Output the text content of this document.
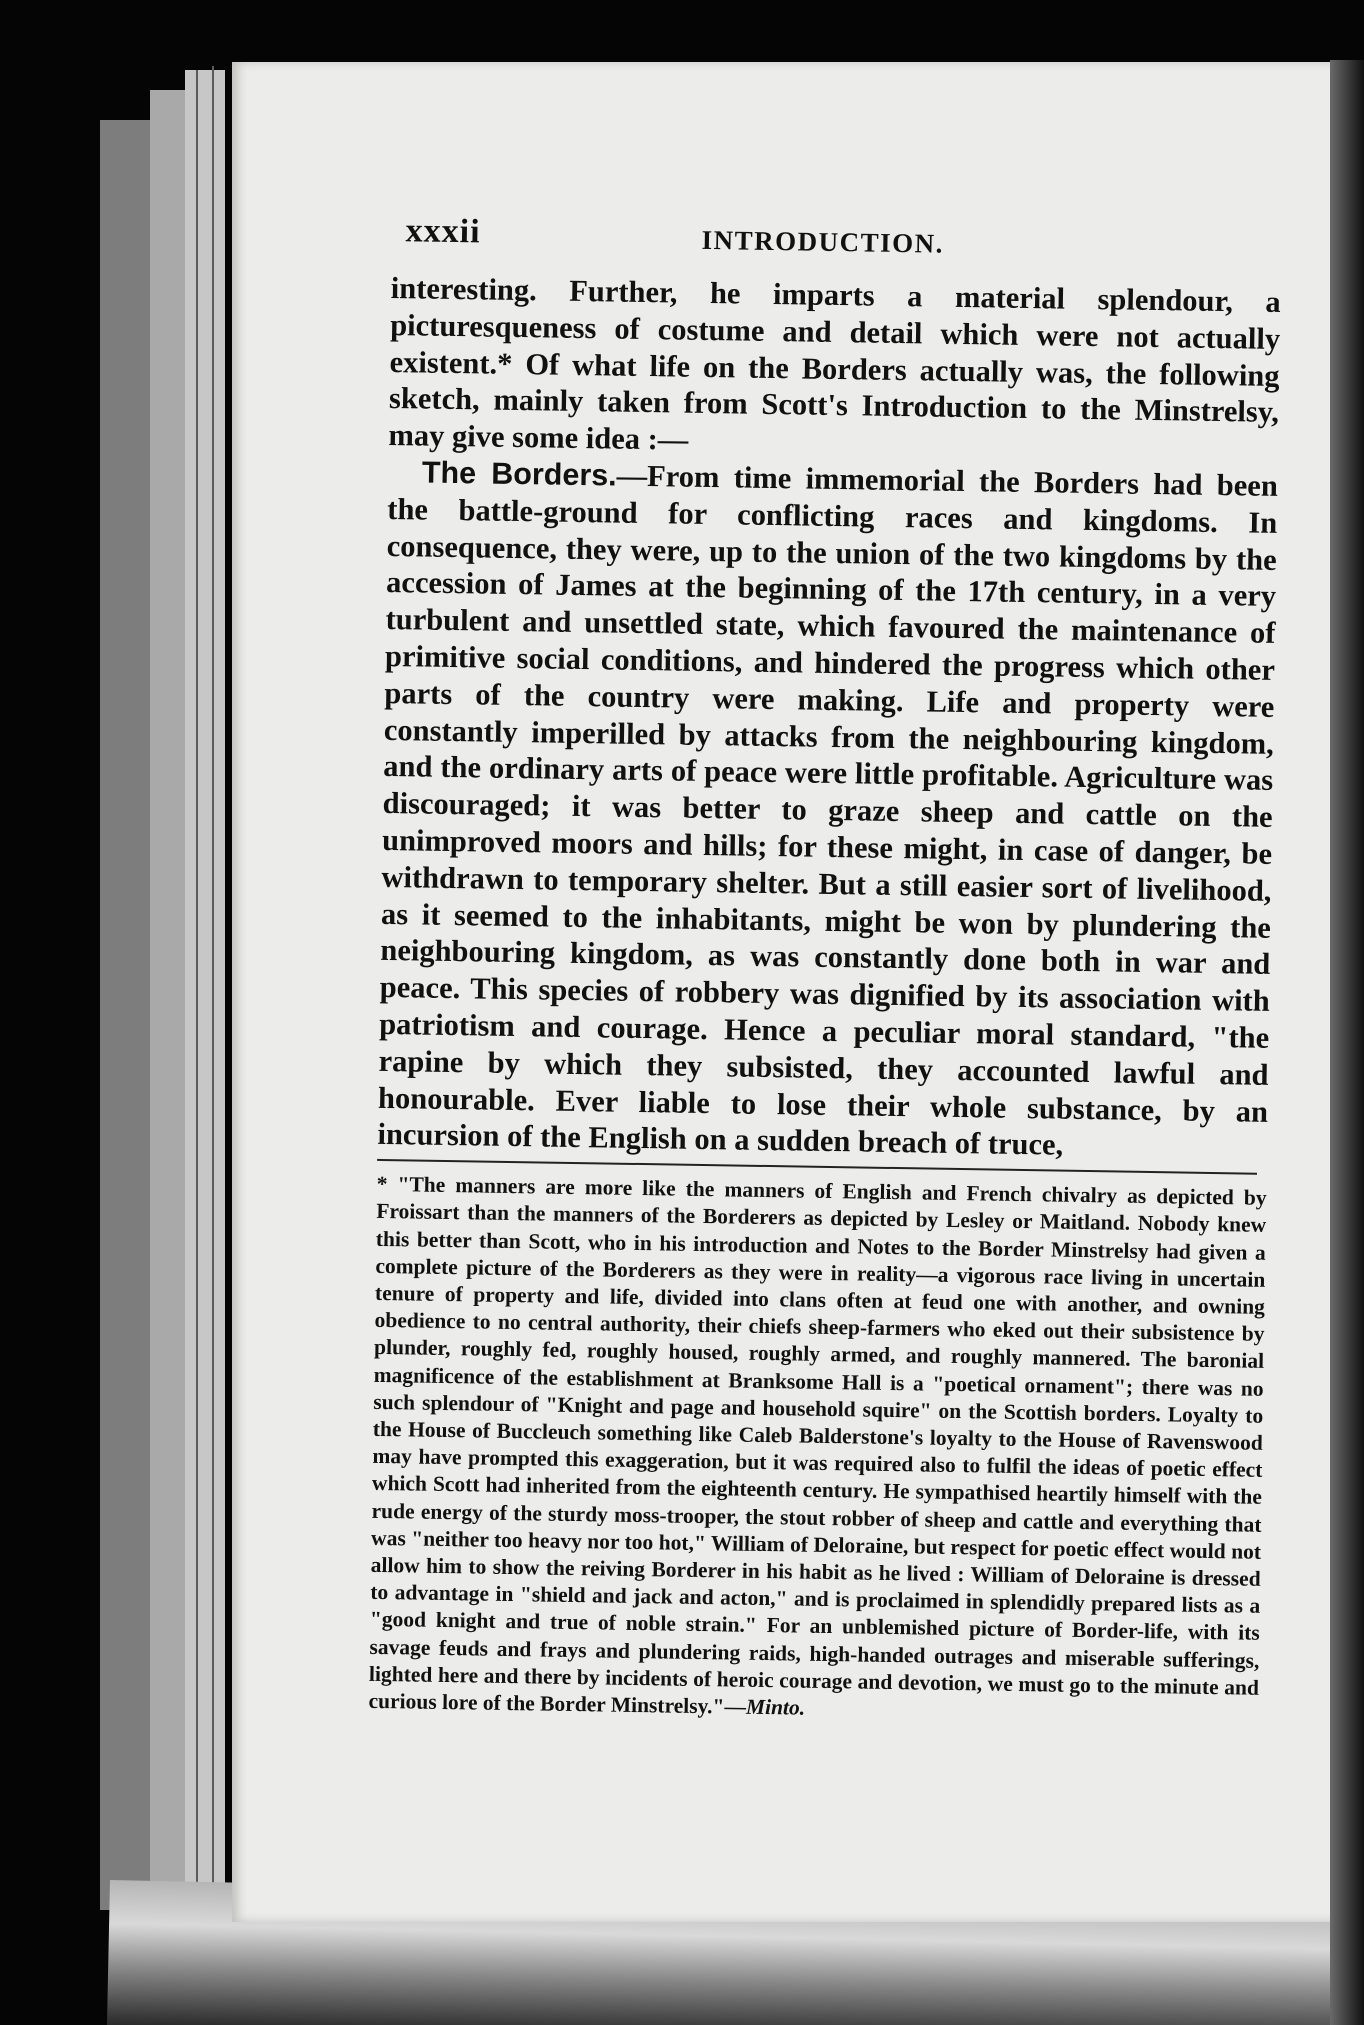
xxxii	INTRODUCTION.

interesting. Further, he imparts a material splendour, a picturesqueness of costume and detail which were not actually existent.* Of what life on the Borders actually was, the following sketch, mainly taken from Scott's Introduction to the Minstrelsy, may give some idea :—

The Borders.—From time immemorial the Borders had been the battle-ground for conflicting races and kingdoms. In consequence, they were, up to the union of the two kingdoms by the accession of James at the beginning of the 17th century, in a very turbulent and unsettled state, which favoured the maintenance of primitive social conditions, and hindered the progress which other parts of the country were making. Life and property were constantly imperilled by attacks from the neighbouring kingdom, and the ordinary arts of peace were little profitable. Agriculture was discouraged; it was better to graze sheep and cattle on the unimproved moors and hills; for these might, in case of danger, be withdrawn to temporary shelter. But a still easier sort of livelihood, as it seemed to the inhabitants, might be won by plundering the neighbouring kingdom, as was constantly done both in war and peace. This species of robbery was dignified by its association with patriotism and courage. Hence a peculiar moral standard, "the rapine by which they subsisted, they accounted lawful and honourable. Ever liable to lose their whole substance, by an incursion of the English on a sudden breach of truce,

* "The manners are more like the manners of English and French chivalry as depicted by Froissart than the manners of the Borderers as depicted by Lesley or Maitland. Nobody knew this better than Scott, who in his introduction and Notes to the Border Minstrelsy had given a complete picture of the Borderers as they were in reality—a vigorous race living in uncertain tenure of property and life, divided into clans often at feud one with another, and owning obedience to no central authority, their chiefs sheep-farmers who eked out their subsistence by plunder, roughly fed, roughly housed, roughly armed, and roughly mannered. The baronial magnificence of the establishment at Branksome Hall is a "poetical ornament"; there was no such splendour of "Knight and page and household squire" on the Scottish borders. Loyalty to the House of Buccleuch something like Caleb Balderstone's loyalty to the House of Ravenswood may have prompted this exaggeration, but it was required also to fulfil the ideas of poetic effect which Scott had inherited from the eighteenth century. He sympathised heartily himself with the rude energy of the sturdy moss-trooper, the stout robber of sheep and cattle and everything that was "neither too heavy nor too hot," William of Deloraine, but respect for poetic effect would not allow him to show the reiving Borderer in his habit as he lived : William of Deloraine is dressed to advantage in "shield and jack and acton," and is proclaimed in splendidly prepared lists as a "good knight and true of noble strain." For an unblemished picture of Border-life, with its savage feuds and frays and plundering raids, high-handed outrages and miserable sufferings, lighted here and there by incidents of heroic courage and devotion, we must go to the minute and curious lore of the Border Minstrelsy."—Minto.
